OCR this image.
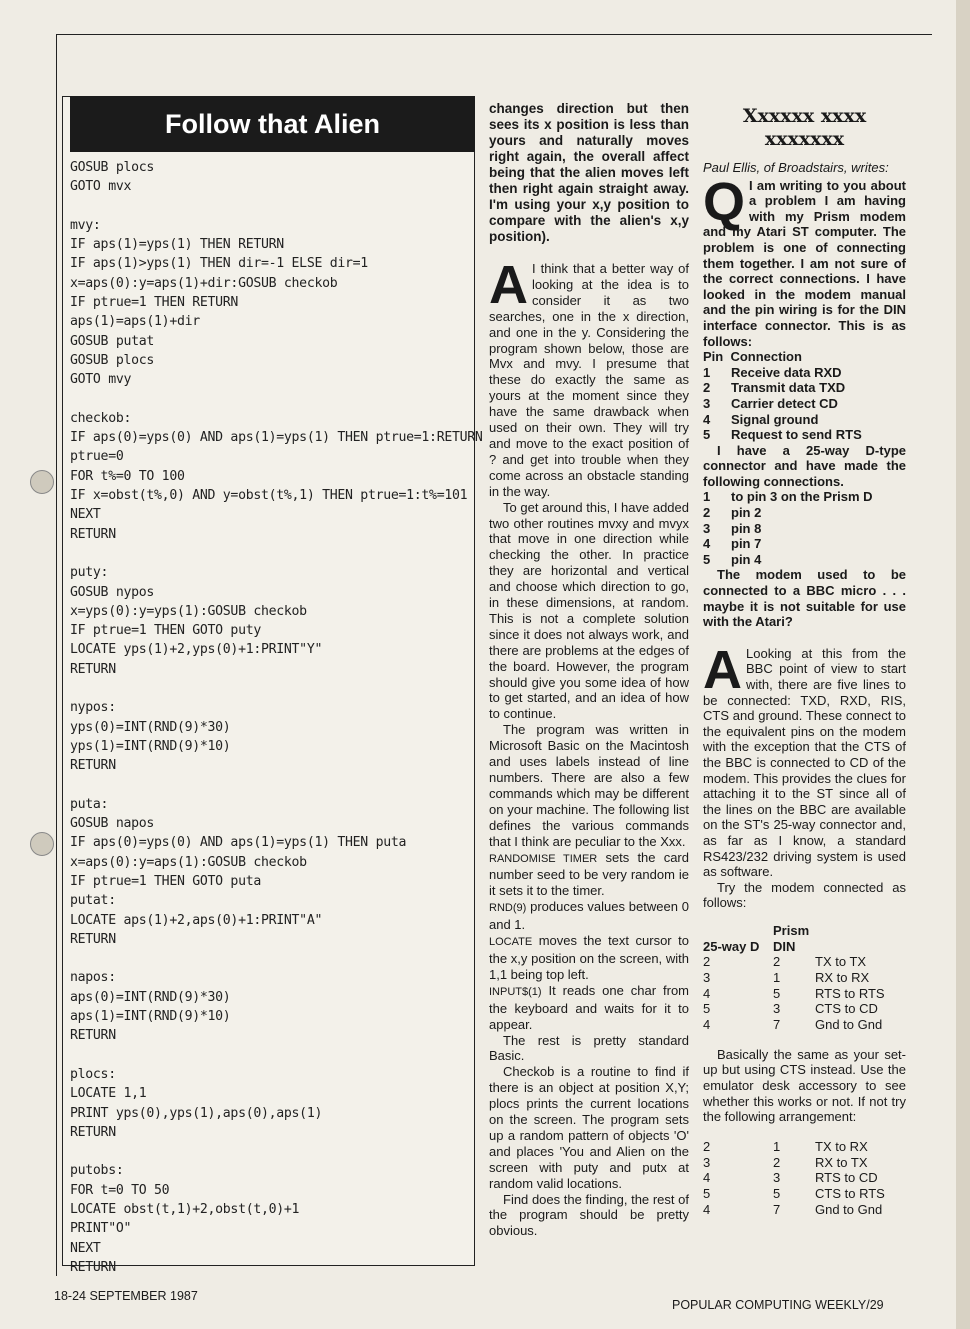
Follow that Alien
GOSUB plocs
GOTO mvx
mvy:
IF aps(1)=yps(1) THEN RETURN
IF aps(1)>yps(1) THEN dir=-1 ELSE dir=1
x=aps(0):y=aps(1)+dir:GOSUB checkob
IF ptrue=1 THEN RETURN
aps(1)=aps(1)+dir
GOSUB putat
GOSUB plocs
GOTO mvy
checkob:
IF aps(0)=yps(0) AND aps(1)=yps(1) THEN ptrue=1:RETURN
ptrue=0
FOR t%=0 TO 100
IF x=obst(t%,0) AND y=obst(t%,1) THEN ptrue=1:t%=101
NEXT
RETURN
puty:
GOSUB nypos
x=yps(0):y=yps(1):GOSUB checkob
IF ptrue=1 THEN GOTO puty
LOCATE yps(1)+2,yps(0)+1:PRINT"Y"
RETURN
nypos:
yps(0)=INT(RND(9)*30)
yps(1)=INT(RND(9)*10)
RETURN
puta:
GOSUB napos
IF aps(0)=yps(0) AND aps(1)=yps(1) THEN puta
x=aps(0):y=aps(1):GOSUB checkob
IF ptrue=1 THEN GOTO puta
putat:
LOCATE aps(1)+2,aps(0)+1:PRINT"A"
RETURN
napos:
aps(0)=INT(RND(9)*30)
aps(1)=INT(RND(9)*10)
RETURN
plocs:
LOCATE 1,1
PRINT yps(0),yps(1),aps(0),aps(1)
RETURN
putobs:
FOR t=0 TO 50
LOCATE obst(t,1)+2,obst(t,0)+1
PRINT"O"
NEXT
RETURN

changes direction but then sees its x position is less than yours and naturally moves right again, the overall affect being that the alien moves left then right again straight away. I'm using your x,y position to compare with the alien's x,y position).

A I think that a better way of looking at the idea is to consider it as two searches, one in the x direction, and one in the y. Considering the program shown below, those are Mvx and mvy. I presume that these do exactly the same as yours at the moment since they have the same drawback when used on their own. They will try and move to the exact position of ? and get into trouble when they come across an obstacle standing in the way.

To get around this, I have added two other routines mvxy and mvyx that move in one direction while checking the other. In practice they are horizontal and vertical and choose which direction to go, in these dimensions, at random. This is not a complete solution since it does not always work, and there are problems at the edges of the board. However, the program should give you some idea of how to get started, and an idea of how to continue.

The program was written in Microsoft Basic on the Macintosh and uses labels instead of line numbers. There are also a few commands which may be different on your machine. The following list defines the various commands that I think are peculiar to the Xxx.

RANDOMISE TIMER sets the card number seed to be very random ie it sets it to the timer.

RND(9) produces values between 0 and 1.

LOCATE moves the text cursor to the x,y position on the screen, with 1,1 being top left.

INPUT$(1) It reads one char from the keyboard and waits for it to appear.

The rest is pretty standard Basic.

Checkob is a routine to find if there is an object at position X,Y; plocs prints the current locations on the screen. The program sets up a random pattern of objects 'O' and places 'You and Alien on the screen with puty and putx at random valid locations.

Find does the finding, the rest of the program should be pretty obvious.

Xxxxxx xxxx xxxxxxx

Paul Ellis, of Broadstairs, writes:

Q I am writing to you about a problem I am having with my Prism modem and my Atari ST computer. The problem is one of connecting them together. I am not sure of the correct connections. I have looked in the modem manual and the pin wiring is for the DIN interface connector. This is as follows:

Pin  Connection
1	Receive data RXD
2	Transmit data TXD
3	Carrier detect CD
4	Signal ground
5	Request to send RTS

I have a 25-way D-type connector and have made the following connections.

1	to pin 3 on the Prism D
2	pin 2
3	pin 8
4	pin 7
5	pin 4

The modem used to be connected to a BBC micro . . . maybe it is not suitable for use with the Atari?

A Looking at this from the BBC point of view to start with, there are five lines to be connected: TXD, RXD, RIS, CTS and ground. These connect to the equivalent pins on the modem with the exception that the CTS of the BBC is connected to CD of the modem. This provides the clues for attaching it to the ST since all of the lines on the BBC are available on the ST's 25-way connector and, as far as I know, a standard RS423/232 driving system is used as software.

Try the modem connected as follows:

	Prism	
25-way D	DIN	
2	2	TX to TX
3	1	RX to RX
4	5	RTS to RTS
5	3	CTS to CD
4	7	Gnd to Gnd

Basically the same as your set-up but using CTS instead. Use the emulator desk accessory to see whether this works or not. If not try the following arrangement:

2	1	TX to RX
3	2	RX to TX
4	3	RTS to CD
5	5	CTS to RTS
4	7	Gnd to Gnd
18-24 SEPTEMBER 1987
POPULAR COMPUTING WEEKLY/29
